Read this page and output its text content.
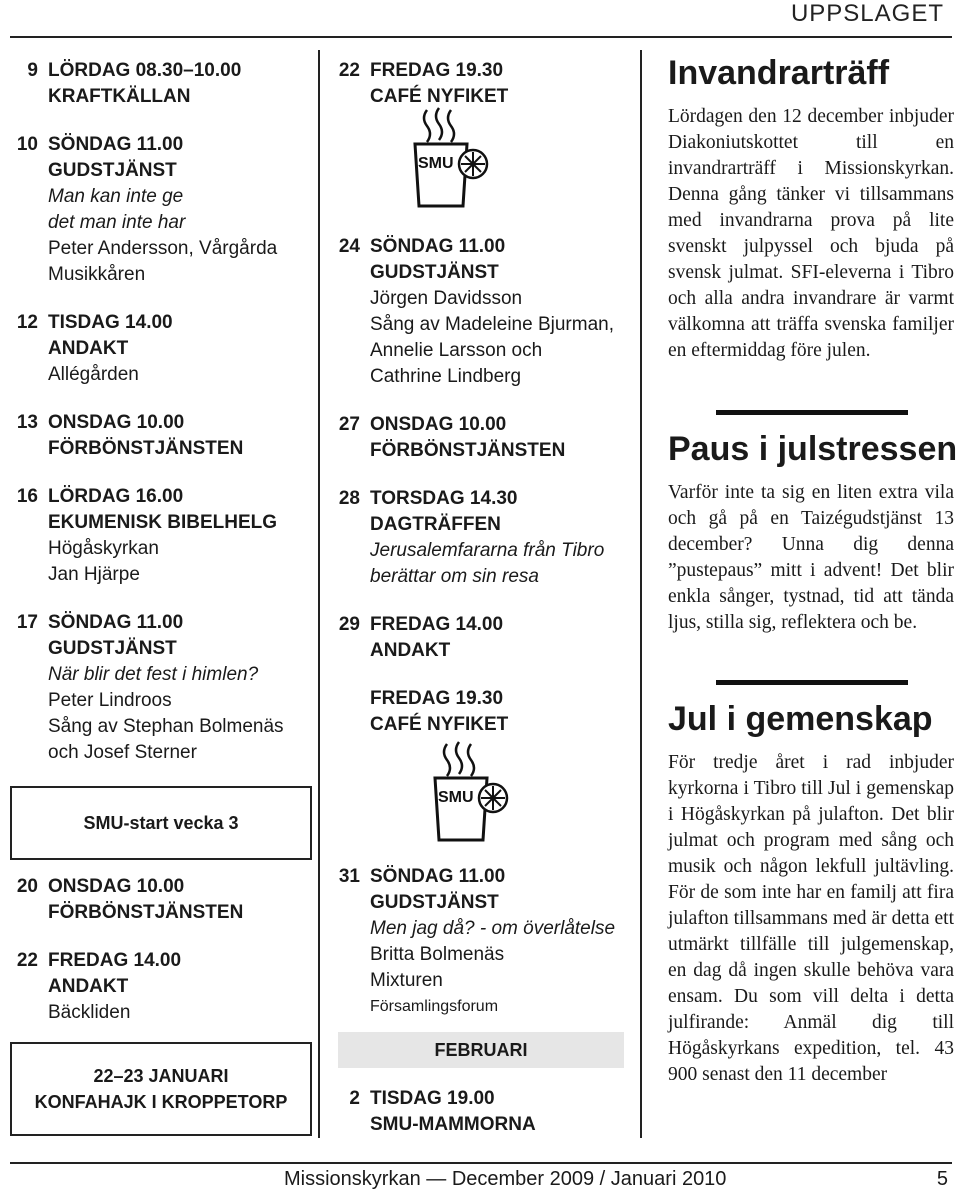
UPPSLAGET
9 LÖRDAG 08.30–10.00
KRAFTKÄLLAN
10 SÖNDAG 11.00
GUDSTJÄNST
Man kan inte ge
det man inte har
Peter Andersson, Vårgårda
Musikkåren
12 TISDAG 14.00
ANDAKT
Allégården
13 ONSDAG 10.00
FÖRBÖNSTJÄNSTEN
16 LÖRDAG 16.00
EKUMENISK BIBELHELG
Högåskyrkan
Jan Hjärpe
17 SÖNDAG 11.00
GUDSTJÄNST
När blir det fest i himlen?
Peter Lindroos
Sång av Stephan Bolmenäs
och Josef Sterner
SMU-start vecka 3
20 ONSDAG 10.00
FÖRBÖNSTJÄNSTEN
22 FREDAG 14.00
ANDAKT
Bäckliden
22–23 JANUARI
KONFAHAJK I KROPPETORP
22 FREDAG 19.30
CAFÉ NYFIKET
SMU
24 SÖNDAG 11.00
GUDSTJÄNST
Jörgen Davidsson
Sång av Madeleine Bjurman,
Annelie Larsson och
Cathrine Lindberg
27 ONSDAG 10.00
FÖRBÖNSTJÄNSTEN
28 TORSDAG 14.30
DAGTRÄFFEN
Jerusalemfararna från Tibro
berättar om sin resa
29 FREDAG 14.00
ANDAKT
FREDAG 19.30
CAFÉ NYFIKET
SMU
31 SÖNDAG 11.00
GUDSTJÄNST
Men jag då? - om överlåtelse
Britta Bolmenäs
Mixturen
Församlingsforum
FEBRUARI
2 TISDAG 19.00
SMU-MAMMORNA
Invandrarträff
Lördagen den 12 december inbjuder Diakoniutskottet till en invandrarträff i Missionskyrkan. Denna gång tänker vi tillsammans med invandrarna prova på lite svenskt julpyssel och bjuda på svensk julmat. SFI-eleverna i Tibro och alla andra invandrare är varmt välkomna att träffa svenska familjer en eftermiddag före julen.
Paus i julstressen
Varför inte ta sig en liten extra vila och gå på en Taizégudstjänst 13 december? Unna dig denna ”pustepaus” mitt i advent! Det blir enkla sånger, tystnad, tid att tända ljus, stilla sig, reflektera och be.
Jul i gemenskap
För tredje året i rad inbjuder kyrkorna i Tibro till Jul i gemenskap i Högåskyrkan på julafton. Det blir julmat och program med sång och musik och någon lekfull jultävling. För de som inte har en familj att fira julafton tillsammans med är detta ett utmärkt tillfälle till julgemenskap, en dag då ingen skulle behöva vara ensam. Du som vill delta i detta julfirande: Anmäl dig till Högåskyrkans expedition, tel. 43 900 senast den 11 december
Missionskyrkan — December 2009 / Januari 2010	5
